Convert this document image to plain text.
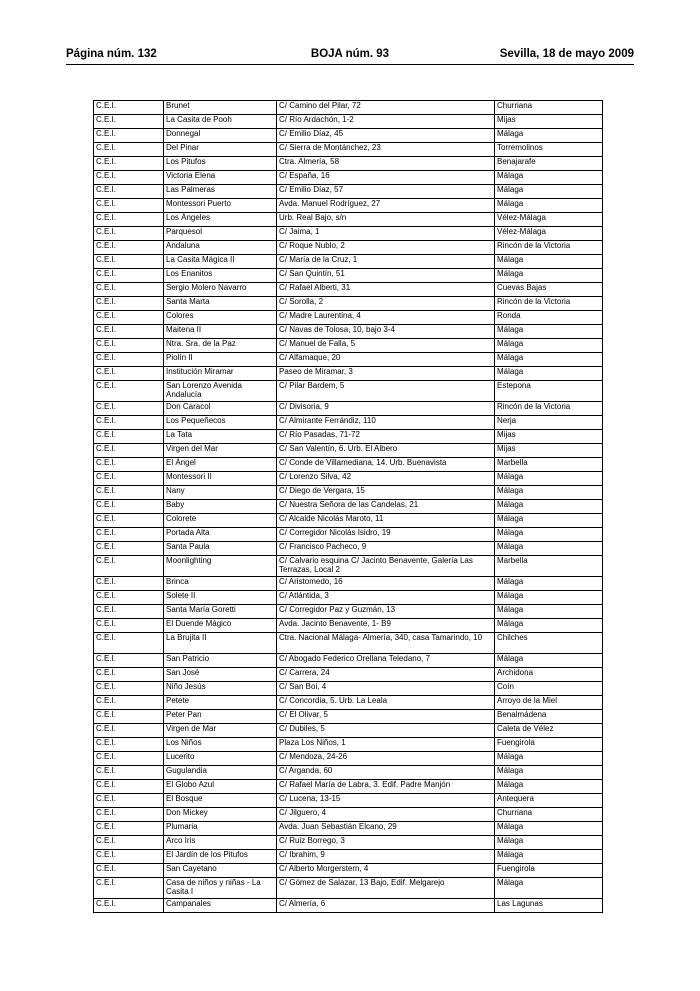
Página núm. 132	BOJA núm. 93	Sevilla, 18 de mayo 2009
C.E.I.	Brunet	C/ Camino del Pilar, 72	Churriana
C.E.I.	La Casita de Pooh	C/ Río Ardachón, 1-2	Mijas
C.E.I.	Donnegal	C/ Emilio Díaz, 45	Málaga
C.E.I.	Del Pinar	C/ Sierra de Montánchez, 23	Torremolinos
C.E.I.	Los Pitufos	Ctra. Almería, 58	Benajarafe
C.E.I.	Victoria Elena	C/ España, 16	Málaga
C.E.I.	Las Palmeras	C/ Emilio Díaz, 57	Málaga
C.E.I.	Montessori Puerto	Avda. Manuel Rodríguez, 27	Málaga
C.E.I.	Los Ángeles	Urb. Real Bajo, s/n	Vélez-Málaga
C.E.I.	Parquesol	C/ Jaima, 1	Vélez-Málaga
C.E.I.	Andaluna	C/ Roque Nublo, 2	Rincón de la Victoria
C.E.I.	La Casita Mágica II	C/ María de la Cruz, 1	Málaga
C.E.I.	Los Enanitos	C/ San Quintín, 51	Málaga
C.E.I.	Sergio Molero Navarro	C/ Rafael Alberti, 31	Cuevas Bajas
C.E.I.	Santa Marta	C/ Sorolla, 2	Rincón de la Victoria
C.E.I.	Colores	C/ Madre Laurentina, 4	Ronda
C.E.I.	Maitena II	C/ Navas de Tolosa, 10, bajo 3-4	Málaga
C.E.I.	Ntra. Sra. de la Paz	C/ Manuel de Falla, 5	Málaga
C.E.I.	Piolín II	C/ Alfamaque, 20	Málaga
C.E.I.	Institución Miramar	Paseo de Miramar, 3	Málaga
C.E.I.	San Lorenzo Avenida Andalucía	C/ Pilar Bardem, 5	Estepona
C.E.I.	Don Caracol	C/ Divisoria, 9	Rincón de la Victoria
C.E.I.	Los Pequeñecos	C/ Almirante Ferrándiz, 110	Nerja
C.E.I.	La Tata	C/ Río Pasadas, 71-72	Mijas
C.E.I.	Virgen del Mar	C/ San Valentín, 6. Urb. El Albero	Mijas
C.E.I.	El Ángel	C/ Conde de Villamediana, 14. Urb. Buenavista	Marbella
C.E.I.	Montessori II	C/ Lorenzo Silva, 42	Málaga
C.E.I.	Nany	C/ Diego de Vergara, 15	Málaga
C.E.I.	Baby	C/ Nuestra Señora de las Candelas, 21	Málaga
C.E.I.	Colorete	C/ Alcalde Nicolás Maroto, 11	Málaga
C.E.I.	Portada Alta	C/ Corregidor Nicolás Isidro, 19	Málaga
C.E.I.	Santa Paula	C/ Francisco Pacheco, 9	Málaga
C.E.I.	Moonlighting	C/ Calvario esquina C/ Jacinto Benavente, Galería Las Terrazas, Local 2	Marbella
C.E.I.	Brinca	C/ Aristomedo, 16	Málaga
C.E.I.	Solete II	C/ Atlántida, 3	Málaga
C.E.I.	Santa María Goretti	C/ Corregidor Paz y Guzmán, 13	Málaga
C.E.I.	El Duende Mágico	Avda. Jacinto Benavente, 1- B9	Málaga
C.E.I.	La Brujita II	Ctra. Nacional Málaga- Almería, 340, casa Tamarindo, 10	Chilches
C.E.I.	San Patricio	C/ Abogado Federico Orellana Teledano, 7	Málaga
C.E.I.	San José	C/ Carrera, 24	Archidona
C.E.I.	Niño Jesús	C/ San Boi, 4	Coín
C.E.I.	Petete	C/ Concordia, 5. Urb. La Leala	Arroyo de la Miel
C.E.I.	Peter Pan	C/ El Olivar, 5	Benalmádena
C.E.I.	Virgen de Mar	C/ Dubiles, 5	Caleta de Vélez
C.E.I.	Los Niños	Plaza Los Niños, 1	Fuengirola
C.E.I.	Lucerito	C/ Mendoza, 24-26	Málaga
C.E.I.	Gugulandia	C/ Arganda, 60	Málaga
C.E.I.	El Globo Azul	C/ Rafael María de Labra, 3. Edif. Padre Manjón	Málaga
C.E.I.	El Bosque	C/ Lucena, 13-15	Antequera
C.E.I.	Don Mickey	C/ Jilguero, 4	Churriana
C.E.I.	Plumaria	Avda. Juan Sebastián Elcano, 29	Málaga
C.E.I.	Arco Iris	C/ Ruiz Borrego, 3	Málaga
C.E.I.	El Jardín de los Pitufos	C/ Ibrahim, 9	Málaga
C.E.I.	San Cayetano	C/ Alberto Morgerstern, 4	Fuengirola
C.E.I.	Casa de niños y niñas - La Casita I	C/ Gómez de Salazar, 13 Bajo, Edif. Melgarejo	Málaga
C.E.I.	Campanales	C/ Almería, 6	Las Lagunas
